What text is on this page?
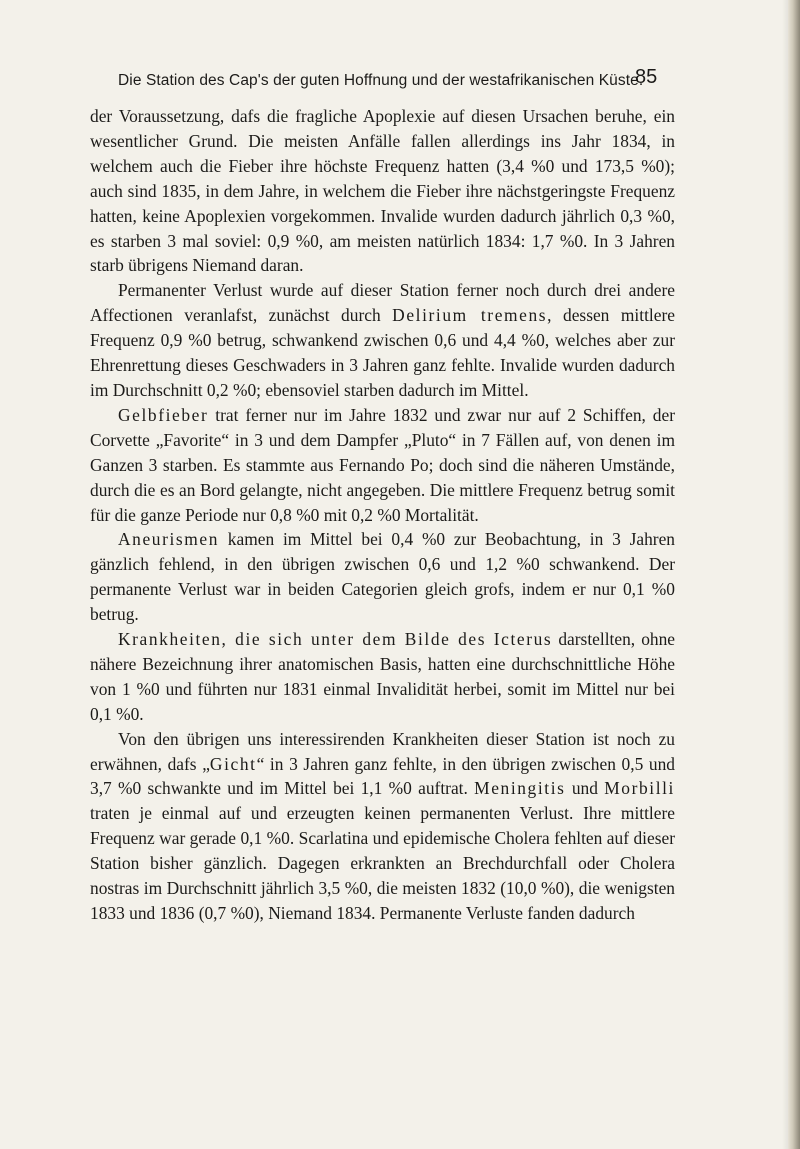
Die Station des Cap's der guten Hoffnung und der westafrikanischen Küste.
85

der Voraussetzung, dafs die fragliche Apoplexie auf diesen Ursachen beruhe, ein wesentlicher Grund. Die meisten Anfälle fallen allerdings ins Jahr 1834, in welchem auch die Fieber ihre höchste Frequenz hatten (3,4 %0 und 173,5 %0); auch sind 1835, in dem Jahre, in welchem die Fieber ihre nächstgeringste Frequenz hatten, keine Apoplexien vorgekommen. Invalide wurden dadurch jährlich 0,3 %0, es starben 3 mal soviel: 0,9 %0, am meisten natürlich 1834: 1,7 %0. In 3 Jahren starb übrigens Niemand daran.

Permanenter Verlust wurde auf dieser Station ferner noch durch drei andere Affectionen veranlafst, zunächst durch Delirium tremens, dessen mittlere Frequenz 0,9 %0 betrug, schwankend zwischen 0,6 und 4,4 %0, welches aber zur Ehrenrettung dieses Geschwaders in 3 Jahren ganz fehlte. Invalide wurden dadurch im Durchschnitt 0,2 %0; ebensoviel starben dadurch im Mittel.

Gelbfieber trat ferner nur im Jahre 1832 und zwar nur auf 2 Schiffen, der Corvette „Favorite“ in 3 und dem Dampfer „Pluto“ in 7 Fällen auf, von denen im Ganzen 3 starben. Es stammte aus Fernando Po; doch sind die näheren Umstände, durch die es an Bord gelangte, nicht angegeben. Die mittlere Frequenz betrug somit für die ganze Periode nur 0,8 %0 mit 0,2 %0 Mortalität.

Aneurismen kamen im Mittel bei 0,4 %0 zur Beobachtung, in 3 Jahren gänzlich fehlend, in den übrigen zwischen 0,6 und 1,2 %0 schwankend. Der permanente Verlust war in beiden Categorien gleich grofs, indem er nur 0,1 %0 betrug.

Krankheiten, die sich unter dem Bilde des Icterus darstellten, ohne nähere Bezeichnung ihrer anatomischen Basis, hatten eine durchschnittliche Höhe von 1 %0 und führten nur 1831 einmal Invalidität herbei, somit im Mittel nur bei 0,1 %0.

Von den übrigen uns interessirenden Krankheiten dieser Station ist noch zu erwähnen, dafs „Gicht“ in 3 Jahren ganz fehlte, in den übrigen zwischen 0,5 und 3,7 %0 schwankte und im Mittel bei 1,1 %0 auftrat. Meningitis und Morbilli traten je einmal auf und erzeugten keinen permanenten Verlust. Ihre mittlere Frequenz war gerade 0,1 %0. Scarlatina und epidemische Cholera fehlten auf dieser Station bisher gänzlich. Dagegen erkrankten an Brechdurchfall oder Cholera nostras im Durchschnitt jährlich 3,5 %0, die meisten 1832 (10,0 %0), die wenigsten 1833 und 1836 (0,7 %0), Niemand 1834. Permanente Verluste fanden dadurch
